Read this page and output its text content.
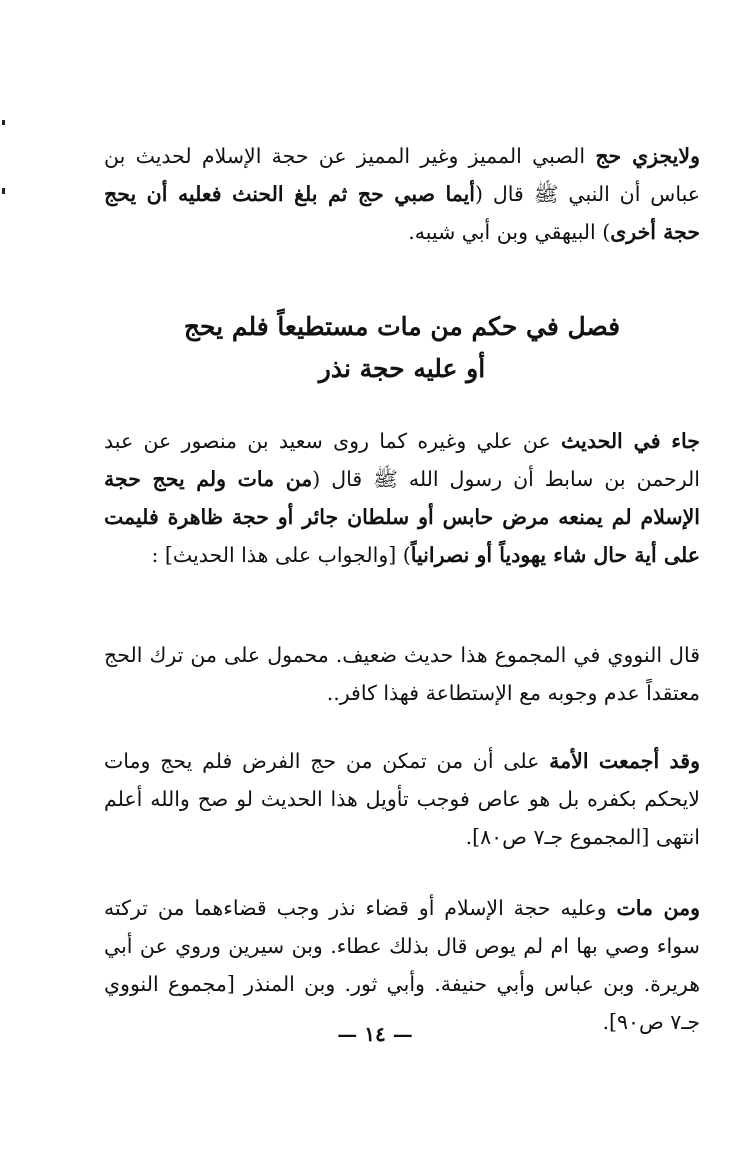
ولايجزي حج الصبي المميز وغير المميز عن حجة الإسلام لحديث بن عباس أن النبي ﷺ قال (أيما صبي حج ثم بلغ الحنث فعليه أن يحج حجة أخرى) البيهقي وبن أبي شيبه.

فصل في حكم من مات مستطيعاً فلم يحج
أو عليه حجة نذر

جاء في الحديث عن علي وغيره كما روى سعيد بن منصور عن عبد الرحمن بن سابط أن رسول الله ﷺ قال (من مات ولم يحج حجة الإسلام لم يمنعه مرض حابس أو سلطان جائر أو حجة ظاهرة فليمت على أية حال شاء يهودياً أو نصرانياً) [والجواب على هذا الحديث] :

قال النووي في المجموع هذا حديث ضعيف. محمول على من ترك الحج معتقداً عدم وجوبه مع الإستطاعة فهذا كافر..

وقد أجمعت الأمة على أن من تمكن من حج الفرض فلم يحج ومات لايحكم بكفره بل هو عاص فوجب تأويل هذا الحديث لو صح والله أعلم انتهى [المجموع جـ٧ ص٨٠].

ومن مات وعليه حجة الإسلام أو قضاء نذر وجب قضاءهما من تركته سواء وصي بها ام لم يوص قال بذلك عطاء. وبن سيرين وروي عن أبي هريرة. وبن عباس وأبي حنيفة. وأبي ثور. وبن المنذر [مجموع النووي جـ٧ ص٩٠].

— ١٤ —
